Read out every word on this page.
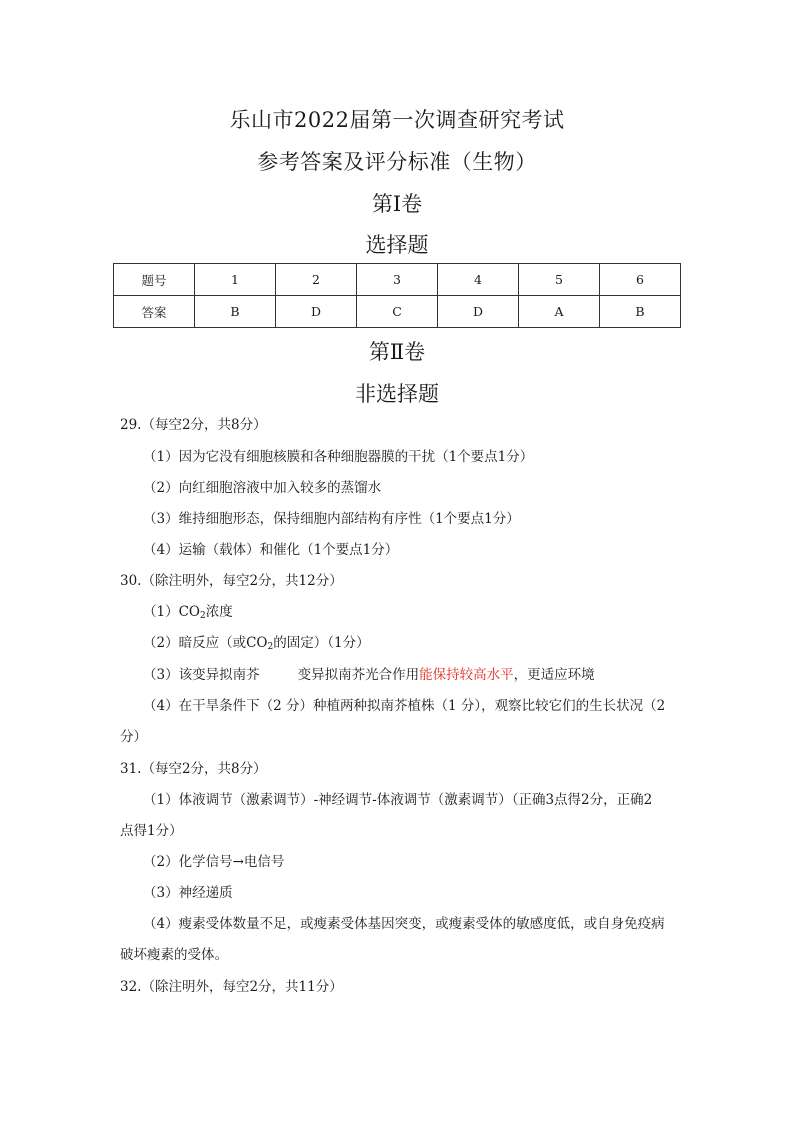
乐山市2022届第一次调查研究考试
参考答案及评分标准（生物）
第Ⅰ卷
选择题
题号	1	2	3	4	5	6
答案	B	D	C	D	A	B
第Ⅱ卷
非选择题
29.（每空2分，共8分）
（1）因为它没有细胞核膜和各种细胞器膜的干扰（1个要点1分）
（2）向红细胞溶液中加入较多的蒸馏水
（3）维持细胞形态，保持细胞内部结构有序性（1个要点1分）
（4）运输（载体）和催化（1个要点1分）
30.（除注明外，每空2分，共12分）
$(1)CO_2$浓度
（2）暗反应（或$CO_2$的固定）（1分）
（3）该变异拟南芥	变异拟南芥光合作用能保持较高水平，更适应环境
（4）在干旱条件下（2 分）种植两种拟南芥植株（1 分），观察比较它们的生长状况（2
分）
31.（每空2分，共8分）
（1）体液调节（激素调节）-神经调节-体液调节（激素调节）（正确3点得2分，正确2
点得1分）
（2）化学信号→电信号
（3）神经递质
（4）瘦素受体数量不足，或瘦素受体基因突变，或瘦素受体的敏感度低，或自身免疫病
破坏瘦素的受体。
32.（除注明外，每空2分，共11分）
